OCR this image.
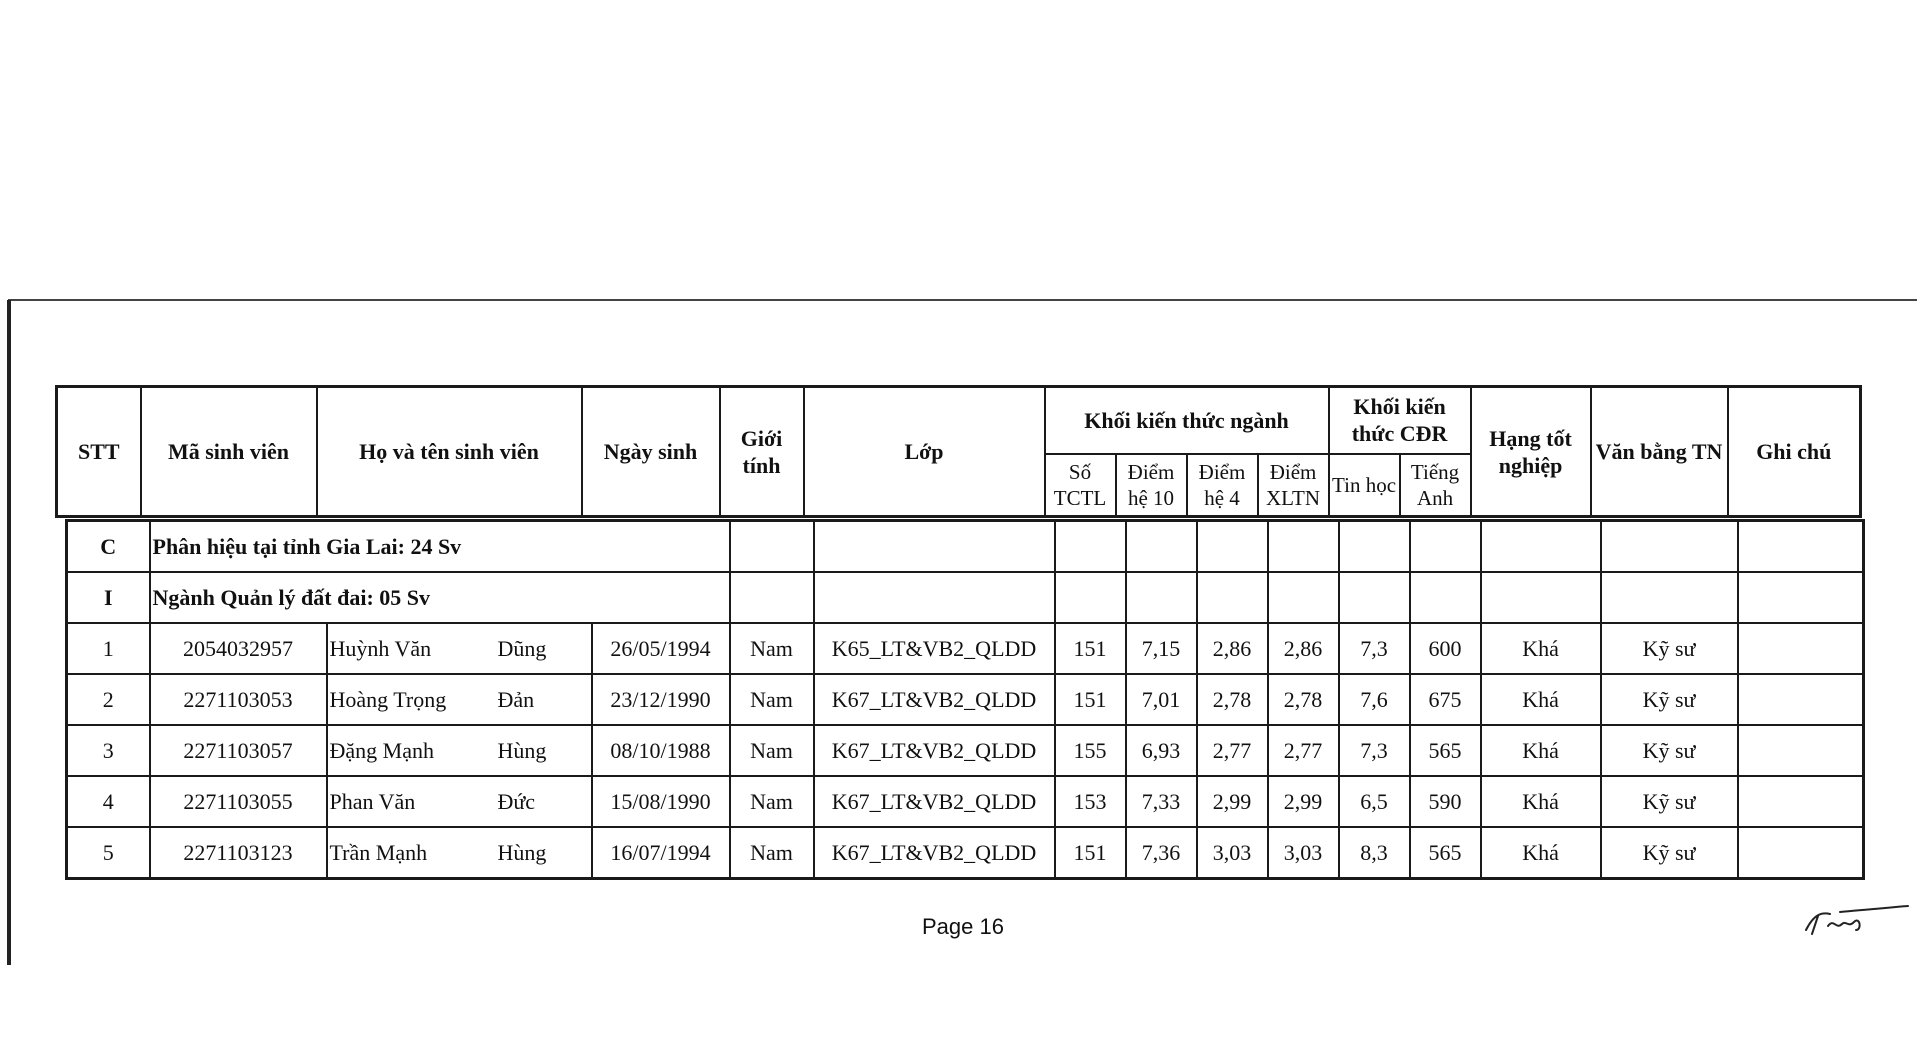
STT	Mã sinh viên	Họ và tên sinh viên	Ngày sinh	Giới tính	Lớp	Khối kiến thức ngành				Khối kiến thức CĐR		Hạng tốt nghiệp	Văn bằng TN	Ghi chú
						Số TCTL	Điểm hệ 10	Điểm hệ 4	Điểm XLTN	Tin học	Tiếng Anh			
C	Phân hiệu tại tỉnh Gia Lai: 24 Sv													
I	Ngành Quản lý đất đai: 05 Sv													
1	2054032957	Huỳnh Văn Dũng	26/05/1994	Nam	K65_LT&VB2_QLDD	151	7,15	2,86	2,86	7,3	600	Khá	Kỹ sư	
2	2271103053	Hoàng Trọng Đản	23/12/1990	Nam	K67_LT&VB2_QLDD	151	7,01	2,78	2,78	7,6	675	Khá	Kỹ sư	
3	2271103057	Đặng Mạnh Hùng	08/10/1988	Nam	K67_LT&VB2_QLDD	155	6,93	2,77	2,77	7,3	565	Khá	Kỹ sư	
4	2271103055	Phan Văn Đức	15/08/1990	Nam	K67_LT&VB2_QLDD	153	7,33	2,99	2,99	6,5	590	Khá	Kỹ sư	
5	2271103123	Trần Mạnh Hùng	16/07/1994	Nam	K67_LT&VB2_QLDD	151	7,36	3,03	3,03	8,3	565	Khá	Kỹ sư	
Page 16
